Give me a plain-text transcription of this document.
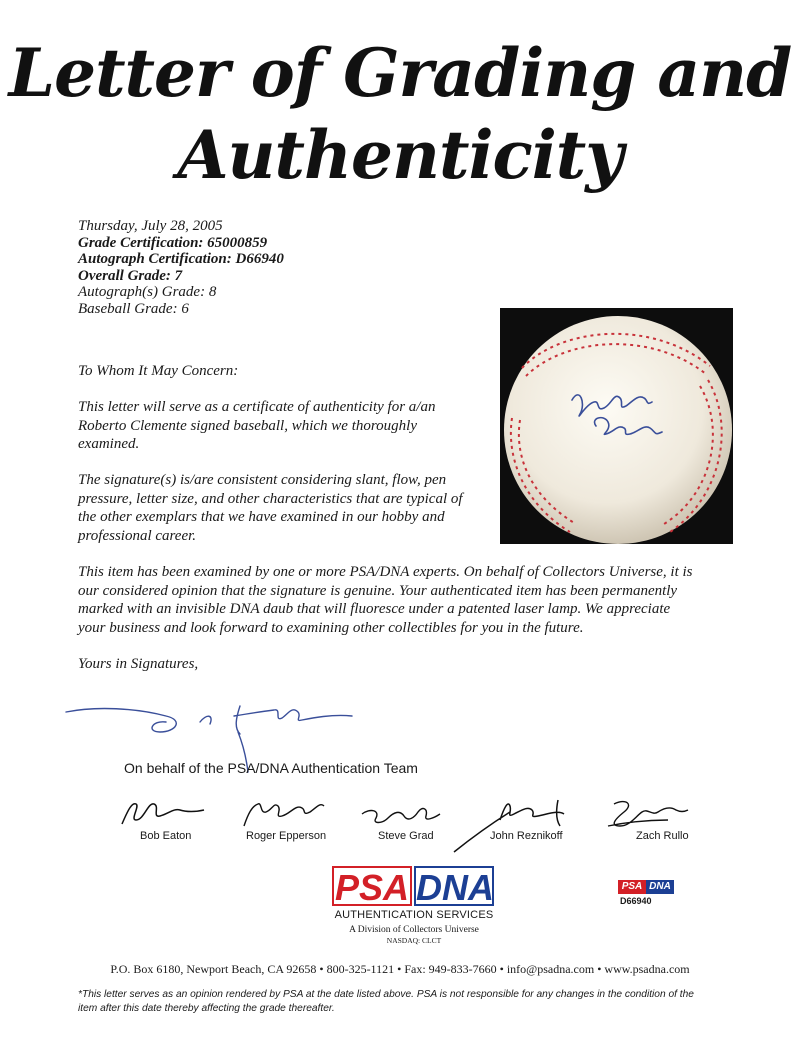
Letter of Grading and
Authenticity
Thursday, July 28, 2005
Grade Certification: 65000859
Autograph Certification: D66940
Overall Grade: 7
Autograph(s) Grade: 8
Baseball Grade: 6
To Whom It May Concern:
This letter will serve as a certificate of authenticity for a/an
Roberto Clemente signed baseball, which we thoroughly
examined.
The signature(s) is/are consistent considering slant, flow, pen
pressure, letter size, and other characteristics that are typical of
the other exemplars that we have examined in our hobby and
professional career.
This item has been examined by one or more PSA/DNA experts. On behalf of Collectors Universe, it is
our considered opinion that the signature is genuine. Your authenticated item has been permanently
marked with an invisible DNA daub that will fluoresce under a patented laser lamp. We appreciate
your business and look forward to examining other collectibles for you in the future.
Yours in Signatures,
On behalf of the PSA/DNA Authentication Team
Bob Eaton	Roger Epperson	Steve Grad	John Reznikoff	Zach Rullo
PSA DNA
AUTHENTICATION SERVICES
A Division of Collectors Universe
NASDAQ: CLCT
PSA DNA
D66940
P.O. Box 6180, Newport Beach, CA 92658 • 800-325-1121 • Fax: 949-833-7660 • info@psadna.com • www.psadna.com
*This letter serves as an opinion rendered by PSA at the date listed above. PSA is not responsible for any changes in the condition of the
item after this date thereby affecting the grade thereafter.
